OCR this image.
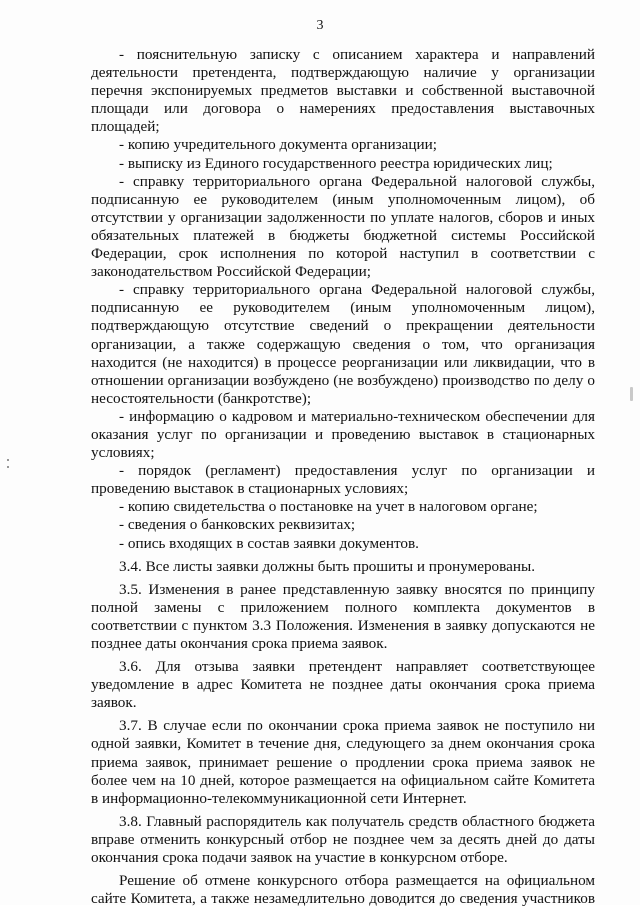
3

- пояснительную записку с описанием характера и направлений деятельности претендента, подтверждающую наличие у организации перечня экспонируемых предметов выставки и собственной выставочной площади или договора о намерениях предоставления выставочных площадей;

- копию учредительного документа организации;

- выписку из Единого государственного реестра юридических лиц;

- справку территориального органа Федеральной налоговой службы, подписанную ее руководителем (иным уполномоченным лицом), об отсутствии у организации задолженности по уплате налогов, сборов и иных обязательных платежей в бюджеты бюджетной системы Российской Федерации, срок исполнения по которой наступил в соответствии с законодательством Российской Федерации;

- справку территориального органа Федеральной налоговой службы, подписанную ее руководителем (иным уполномоченным лицом), подтверждающую отсутствие сведений о прекращении деятельности организации, а также содержащую сведения о том, что организация находится (не находится) в процессе реорганизации или ликвидации, что в отношении организации возбуждено (не возбуждено) производство по делу о несостоятельности (банкротстве);

- информацию о кадровом и материально-техническом обеспечении для оказания услуг по организации и проведению выставок в стационарных условиях;

- порядок (регламент) предоставления услуг по организации и проведению выставок в стационарных условиях;

- копию свидетельства о постановке на учет в налоговом органе;

- сведения о банковских реквизитах;

- опись входящих в состав заявки документов.

3.4. Все листы заявки должны быть прошиты и пронумерованы.

3.5. Изменения в ранее представленную заявку вносятся по принципу полной замены с приложением полного комплекта документов в соответствии с пунктом 3.3 Положения. Изменения в заявку допускаются не позднее даты окончания срока приема заявок.

3.6. Для отзыва заявки претендент направляет соответствующее уведомление в адрес Комитета не позднее даты окончания срока приема заявок.

3.7. В случае если по окончании срока приема заявок не поступило ни одной заявки, Комитет в течение дня, следующего за днем окончания срока приема заявок, принимает решение о продлении срока приема заявок не более чем на 10 дней, которое размещается на официальном сайте Комитета в информационно-телекоммуникационной сети Интернет.

3.8. Главный распорядитель как получатель средств областного бюджета вправе отменить конкурсный отбор не позднее чем за десять дней до даты окончания срока подачи заявок на участие в конкурсном отборе.

Решение об отмене конкурсного отбора размещается на официальном сайте Комитета, а также незамедлительно доводится до сведения участников
